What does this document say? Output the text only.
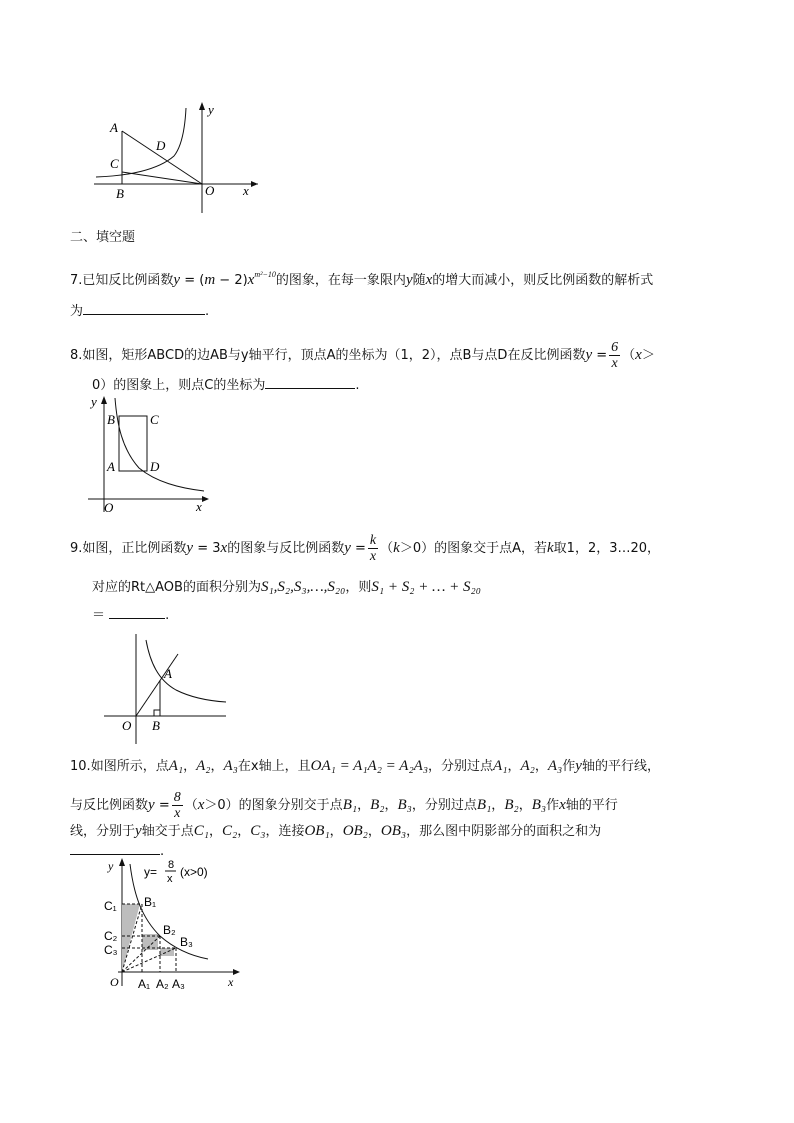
A
C
B
D
O x
y
二、填空题
7.已知反比例函数$y = (m - 2)x^{m^2-10}$的图象，在每一象限内y随x的增大而减小，则反比例函数的解析式
为	.
8.如图，矩形ABCD的边AB与y轴平行，顶点A的坐标为（1，2），点B与点D在反比例函数$y = \frac{6}{x} (x>$
0）的图象上，则点C的坐标为	.
B	C
A	D
O	x
y
9.如图，正比例函数y = 3x的图象与反比例函数$y = \frac{k}{x} (k>0)$的图象交于点A，若k取1，2，3…20，
对应的Rt△AOB的面积分别为S₁,S₂,S₃,…,S₂₀，则S₁ + S₂ + … + S₂₀
＝	.
A
O B
10.如图所示，点A₁，A₂，A₃在x轴上，且OA₁ = A₁A₂ = A₂A₃，分别过点A₁，A₂，A₃作y轴的平行线，
与反比例函数$y = \frac{8}{x} (x>0)$的图象分别交于点B₁，B₂，B₃，分别过点B₁，B₂，B₃作x轴的平行
线，分别于y轴交于点C₁，C₂，C₃，连接OB₁，OB₂，OB₃，那么图中阴影部分的面积之和为
.
y= 8
x (x>0)
y
x
O
C₁
C₂
C₃
B₁
B₂
B₃
A₁ A₂ A₃
